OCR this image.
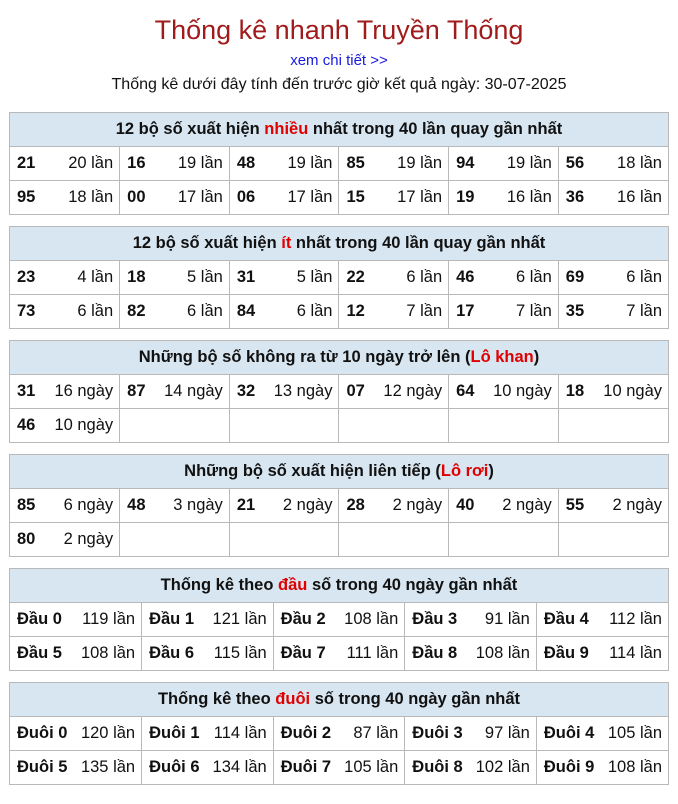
Thống kê nhanh Truyền Thống
xem chi tiết >>
Thống kê dưới đây tính đến trước giờ kết quả ngày: 30-07-2025
12 bộ số xuất hiện nhiều nhất trong 40 lần quay gần nhất
21 20 lần	16 19 lần	48 19 lần	85 19 lần	94 19 lần	56 18 lần

95 18 lần	00 17 lần	06 17 lần	15 17 lần	19 16 lần	36 16 lần
12 bộ số xuất hiện ít nhất trong 40 lần quay gần nhất
23 4 lần	18 5 lần	31 5 lần	22 6 lần	46 6 lần	69 6 lần

73 6 lần	82 6 lần	84 6 lần	12 7 lần	17 7 lần	35 7 lần
Những bộ số không ra từ 10 ngày trở lên (Lô khan)
31 16 ngày	87 14 ngày	32 13 ngày	07 12 ngày	64 10 ngày	18 10 ngày

46 10 ngày					

Những bộ số xuất hiện liên tiếp (Lô rơi)
85 6 ngày	48 3 ngày	21 2 ngày	28 2 ngày	40 2 ngày	55 2 ngày

80 2 ngày					

Thống kê theo đầu số trong 40 ngày gần nhất
Đầu 0 119 lần	Đầu 1 121 lần	Đầu 2 108 lần	Đầu 3 91 lần	Đầu 4 112 lần

Đầu 5 108 lần	Đầu 6 115 lần	Đầu 7 111 lần	Đầu 8 108 lần	Đầu 9 114 lần
Thống kê theo đuôi số trong 40 ngày gần nhất
Đuôi 0 120 lần	Đuôi 1 114 lần	Đuôi 2 87 lần	Đuôi 3 97 lần	Đuôi 4 105 lần

Đuôi 5 135 lần	Đuôi 6 134 lần	Đuôi 7 105 lần	Đuôi 8 102 lần	Đuôi 9 108 lần
